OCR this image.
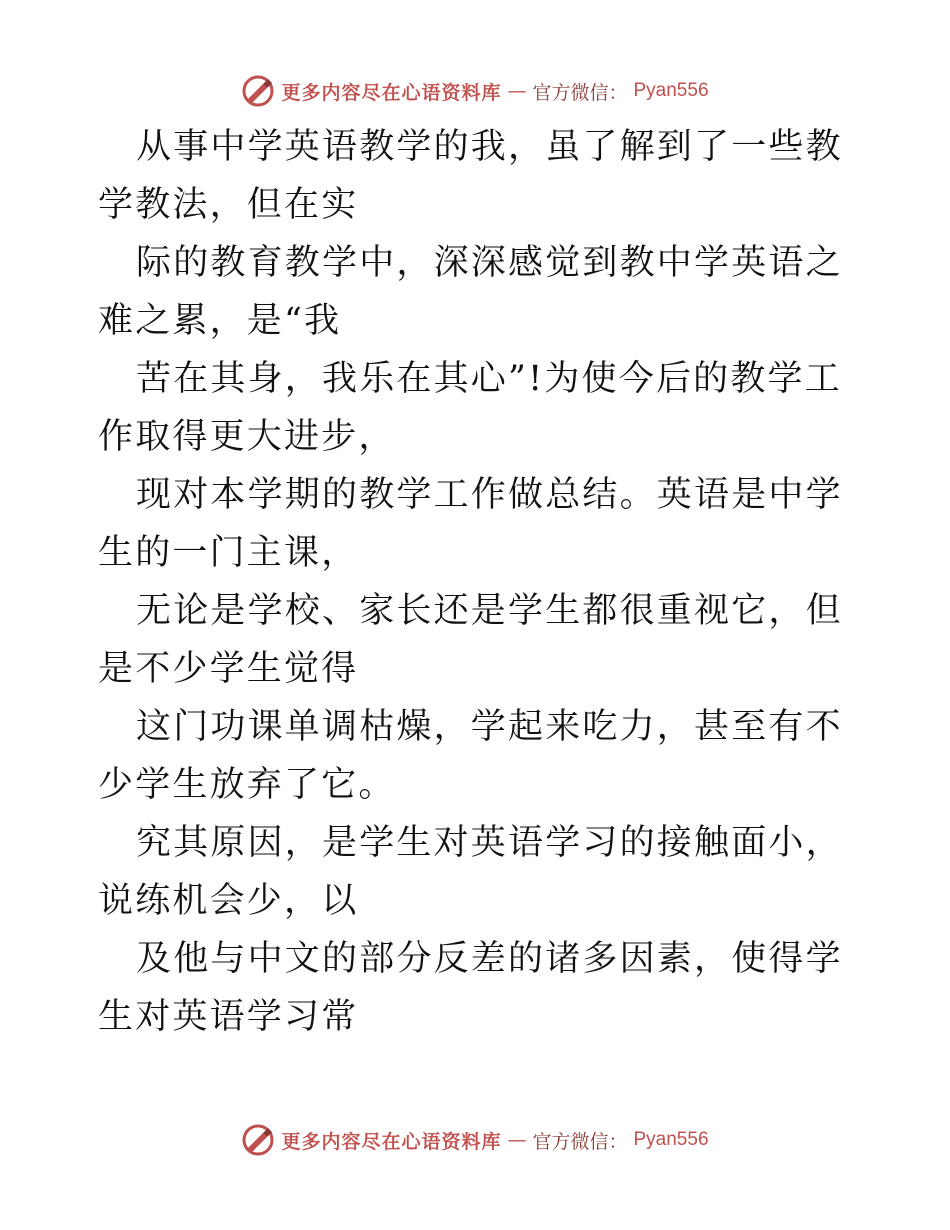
更多内容尽在心语资料库 — 官方微信： Pyan556

从事中学英语教学的我，虽了解到了一些教学教法，但在实

际的教育教学中，深深感觉到教中学英语之难之累，是“我

苦在其身，我乐在其心”!为使今后的教学工作取得更大进步，

现对本学期的教学工作做总结。英语是中学生的一门主课，

无论是学校、家长还是学生都很重视它，但是不少学生觉得

这门功课单调枯燥，学起来吃力，甚至有不少学生放弃了它。

究其原因，是学生对英语学习的接触面小，说练机会少，以

及他与中文的部分反差的诸多因素，使得学生对英语学习常

更多内容尽在心语资料库 — 官方微信： Pyan556
